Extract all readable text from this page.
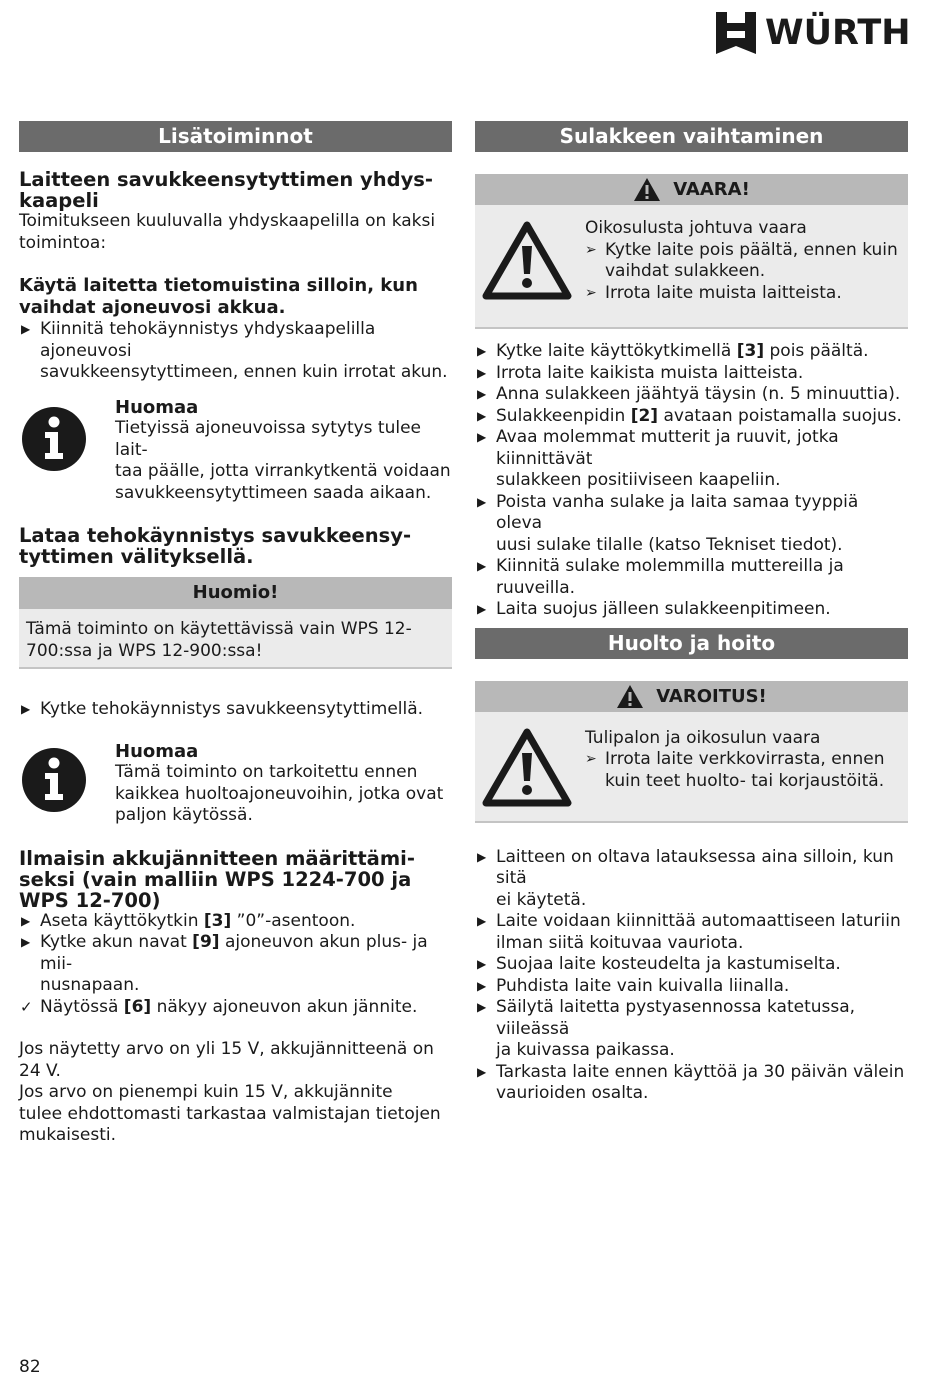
WÜRTH
Lisätoiminnot
Laitteen savukkeensytyttimen yhdys-
kaapeli

Toimitukseen kuuluvalla yhdyskaapelilla on kaksi
toimintoa:

Käytä laitetta tietomuistina silloin, kun
vaihdat ajoneuvosi akkua.

▶ Kiinnitä tehokäynnistys yhdyskaapelilla ajoneuvosi
savukkeensytyttimeen, ennen kuin irrotat akun.
Huomaa
Tietyissä ajoneuvoissa sytytys tulee lait-
taa päälle, jotta virrankytkentä voidaan
savukkeensytyttimeen saada aikaan.
Lataa tehokäynnistys savukkeensy-
tyttimen välityksellä.
Huomio!
Tämä toiminto on käytettävissä vain WPS 12-
700:ssa ja WPS 12-900:ssa!
▶ Kytke tehokäynnistys savukkeensytyttimellä.
Huomaa
Tämä toiminto on tarkoitettu ennen
kaikkea huoltoajoneuvoihin, jotka ovat
paljon käytössä.
Ilmaisin akkujännitteen määrittämi-
seksi (vain malliin WPS 1224-700 ja
WPS 12-700)
▶ Aseta käyttökytkin [3] ”0”-asentoon.
▶ Kytke akun navat [9] ajoneuvon akun plus- ja mii-
nusnapaan.
✓ Näytössä [6] näkyy ajoneuvon akun jännite.

Jos näytetty arvo on yli 15 V, akkujännitteenä on
24 V.

Jos arvo on pienempi kuin 15 V, akkujännite
tulee ehdottomasti tarkastaa valmistajan tietojen
mukaisesti.

Sulakkeen vaihtaminen
VAARA!
Oikosulusta johtuva vaara
➢ Kytke laite pois päältä, ennen kuin
vaihdat sulakkeen.
➢ Irrota laite muista laitteista.
▶ Kytke laite käyttökytkimellä [3] pois päältä.
▶ Irrota laite kaikista muista laitteista.
▶ Anna sulakkeen jäähtyä täysin (n. 5 minuuttia).
▶ Sulakkeenpidin [2] avataan poistamalla suojus.
▶ Avaa molemmat mutterit ja ruuvit, jotka kiinnittävät
sulakkeen positiiviseen kaapeliin.
▶ Poista vanha sulake ja laita samaa tyyppiä oleva
uusi sulake tilalle (katso Tekniset tiedot).
▶ Kiinnitä sulake molemmilla muttereilla ja ruuveilla.
▶ Laita suojus jälleen sulakkeenpitimeen.
Huolto ja hoito
VAROITUS!
Tulipalon ja oikosulun vaara
➢ Irrota laite verkkovirrasta, ennen
kuin teet huolto- tai korjaustöitä.
▶ Laitteen on oltava latauksessa aina silloin, kun sitä
ei käytetä.
▶ Laite voidaan kiinnittää automaattiseen laturiin
ilman siitä koituvaa vauriota.
▶ Suojaa laite kosteudelta ja kastumiselta.
▶ Puhdista laite vain kuivalla liinalla.
▶ Säilytä laitetta pystyasennossa katetussa, viileässä
ja kuivassa paikassa.
▶ Tarkasta laite ennen käyttöä ja 30 päivän välein
vaurioiden osalta.
82
